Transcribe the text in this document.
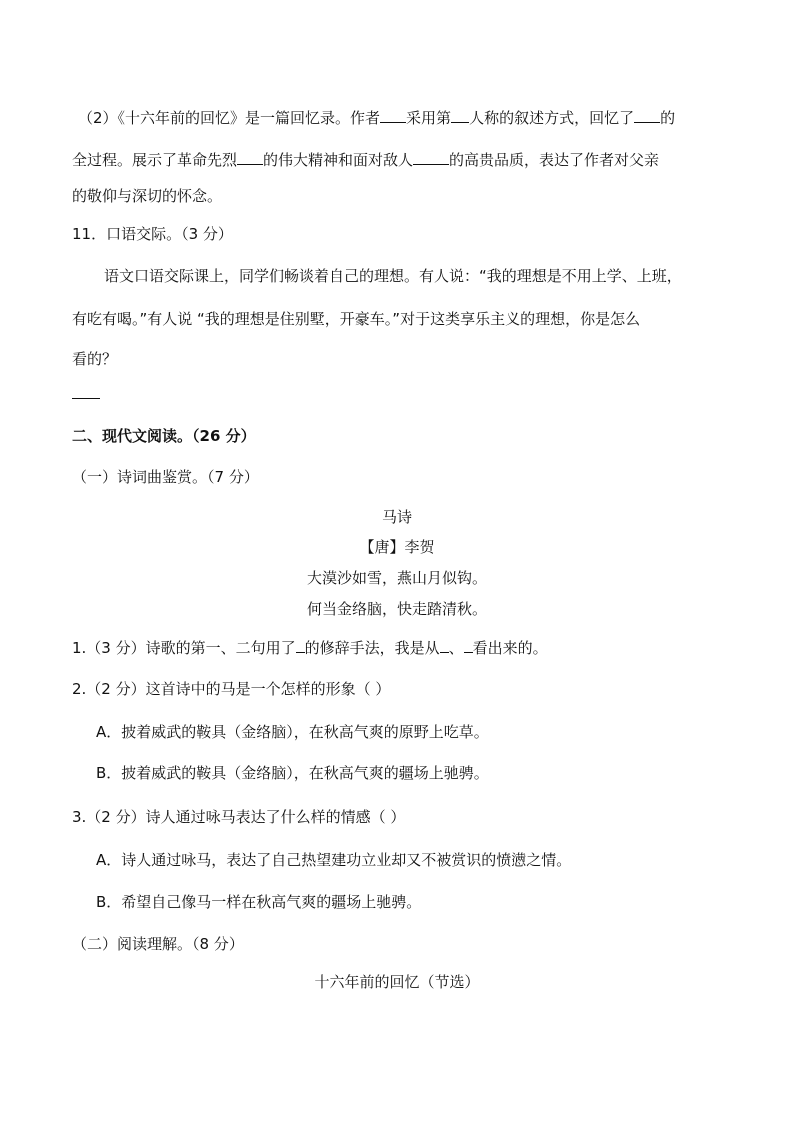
（2）《十六年前的回忆》是一篇回忆录。作者 采用第 人称的叙述方式，回忆了 的
全过程。展示了革命先烈 的伟大精神和面对敌人 的高贵品质，表达了作者对父亲
的敬仰与深切的怀念。
11．口语交际。（3 分）
语文口语交际课上，同学们畅谈着自己的理想。有人说：“我的理想是不用上学、上班，
有吃有喝。”有人说 “我的理想是住别墅，开豪车。”对于这类享乐主义的理想，你是怎么
看的？
二、现代文阅读。（26 分）
（一）诗词曲鉴赏。（7 分）
马诗
【唐】李贺
大漠沙如雪，燕山月似钩。
何当金络脑，快走踏清秋。
1.（3 分）诗歌的第一、二句用了 的修辞手法，我是从 、 看出来的。
2.（2 分）这首诗中的马是一个怎样的形象（ ）
A．披着威武的鞍具（金络脑），在秋高气爽的原野上吃草。
B．披着威武的鞍具（金络脑），在秋高气爽的疆场上驰骋。
3.（2 分）诗人通过咏马表达了什么样的情感（ ）
A．诗人通过咏马，表达了自己热望建功立业却又不被赏识的愤懑之情。
B．希望自己像马一样在秋高气爽的疆场上驰骋。
（二）阅读理解。（8 分）
十六年前的回忆（节选）
